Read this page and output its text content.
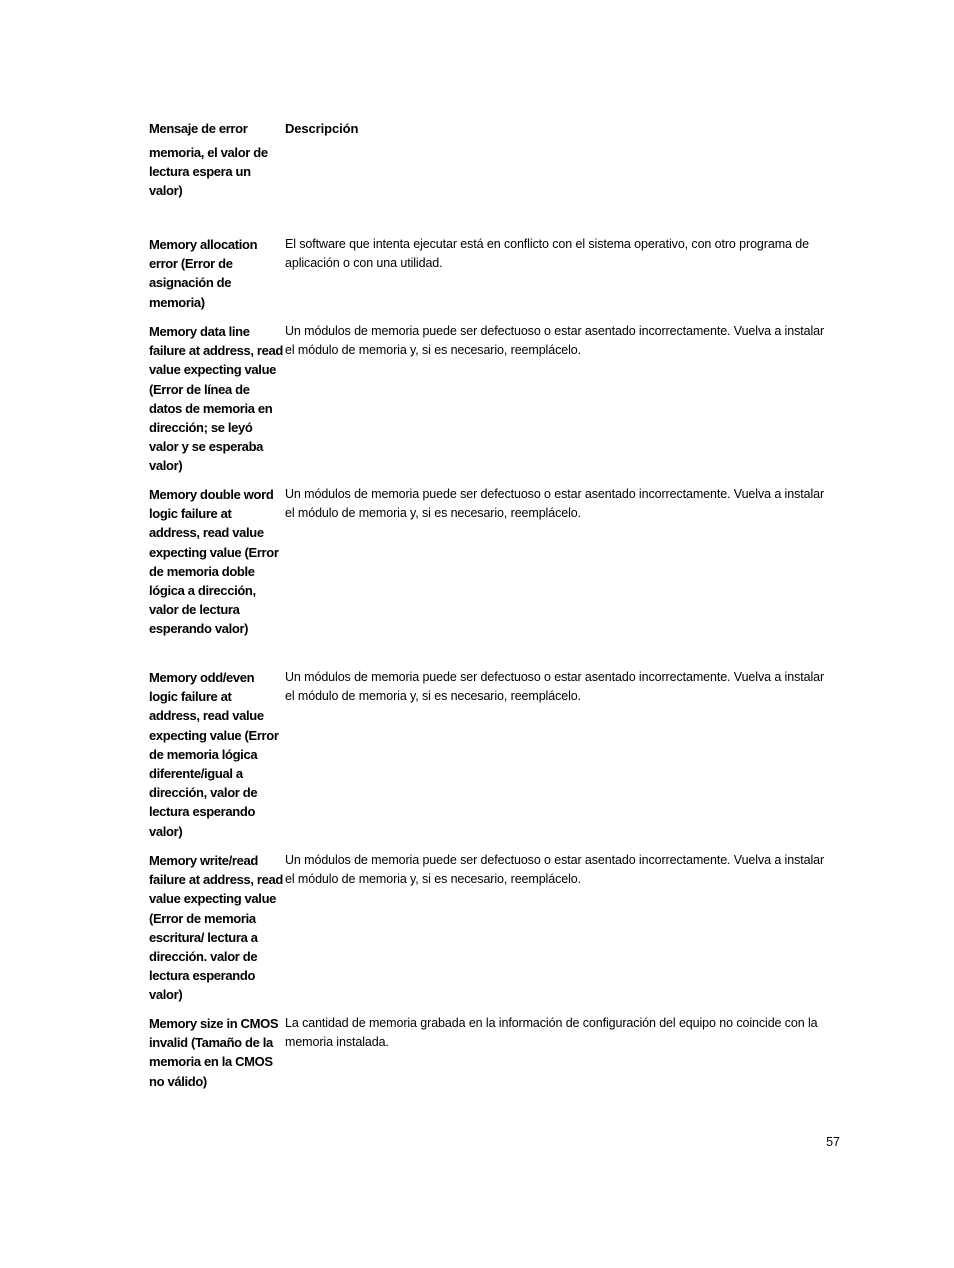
Mensaje de error	Descripción
memoria, el valor de lectura espera un valor)
Memory allocation error (Error de asignación de memoria)
El software que intenta ejecutar está en conflicto con el sistema operativo, con otro programa de aplicación o con una utilidad.
Memory data line failure at address, read value expecting value (Error de línea de datos de memoria en dirección; se leyó valor y se esperaba valor)
Un módulos de memoria puede ser defectuoso o estar asentado incorrectamente. Vuelva a instalar el módulo de memoria y, si es necesario, reemplácelo.
Memory double word logic failure at address, read value expecting value (Error de memoria doble lógica a dirección, valor de lectura esperando valor)
Un módulos de memoria puede ser defectuoso o estar asentado incorrectamente. Vuelva a instalar el módulo de memoria y, si es necesario, reemplácelo.
Memory odd/even logic failure at address, read value expecting value (Error de memoria lógica diferente/igual a dirección, valor de lectura esperando valor)
Un módulos de memoria puede ser defectuoso o estar asentado incorrectamente. Vuelva a instalar el módulo de memoria y, si es necesario, reemplácelo.
Memory write/read failure at address, read value expecting value (Error de memoria escritura/ lectura a dirección. valor de lectura esperando valor)
Un módulos de memoria puede ser defectuoso o estar asentado incorrectamente. Vuelva a instalar el módulo de memoria y, si es necesario, reemplácelo.
Memory size in CMOS invalid (Tamaño de la memoria en la CMOS no válido)
La cantidad de memoria grabada en la información de configuración del equipo no coincide con la memoria instalada.
57
